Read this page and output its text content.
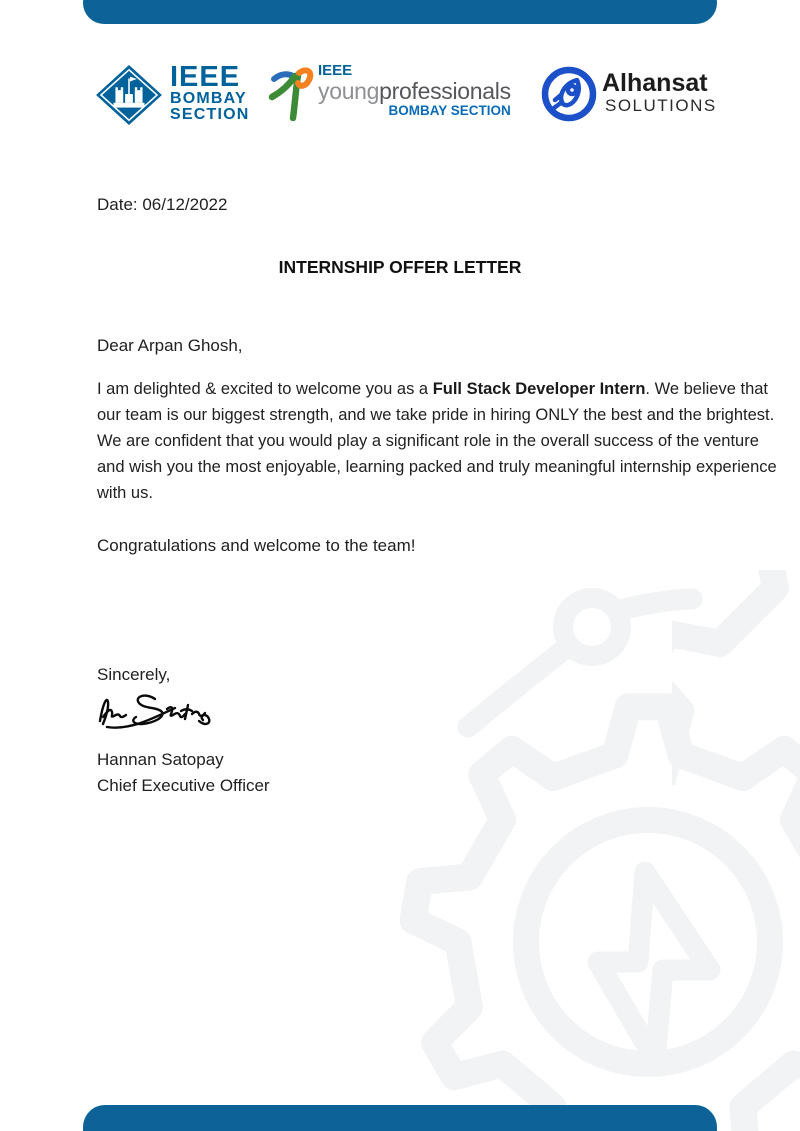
IEEE
BOMBAY
SECTION
IEEE
youngprofessionals
BOMBAY SECTION
Alhansat
SOLUTIONS
Date: 06/12/2022
INTERNSHIP OFFER LETTER
Dear Arpan Ghosh,
I am delighted & excited to welcome you as a Full Stack Developer Intern. We believe that our team is our biggest strength, and we take pride in hiring ONLY the best and the brightest. We are confident that you would play a significant role in the overall success of the venture and wish you the most enjoyable, learning packed and truly meaningful internship experience with us.
Congratulations and welcome to the team!
Sincerely,
Hannan Satopay
Chief Executive Officer
